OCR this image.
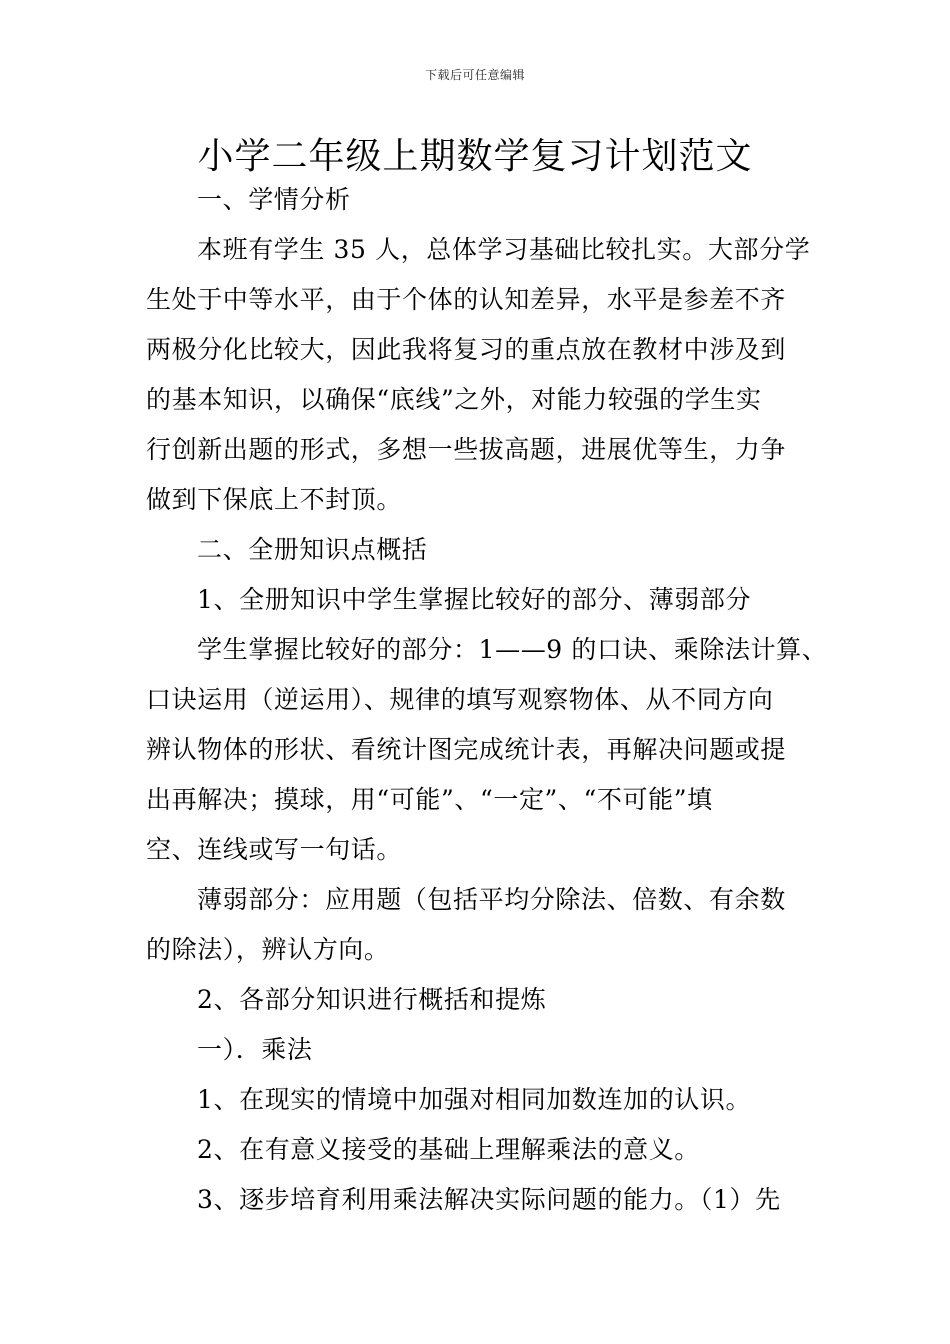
下载后可任意编辑
小学二年级上期数学复习计划范文
一、学情分析
本班有学生 35 人，总体学习基础比较扎实。大部分学
生处于中等水平，由于个体的认知差异，水平是参差不齐
两极分化比较大，因此我将复习的重点放在教材中涉及到
的基本知识，以确保“底线”之外，对能力较强的学生实
行创新出题的形式，多想一些拔高题，进展优等生，力争
做到下保底上不封顶。
二、全册知识点概括
1、全册知识中学生掌握比较好的部分、薄弱部分
学生掌握比较好的部分：1——9 的口诀、乘除法计算、
口诀运用（逆运用）、规律的填写观察物体、从不同方向
辨认物体的形状、看统计图完成统计表，再解决问题或提
出再解决；摸球，用“可能”、“一定”、“不可能”填
空、连线或写一句话。
薄弱部分：应用题（包括平均分除法、倍数、有余数
的除法），辨认方向。
2、各部分知识进行概括和提炼
一）．乘法
1、在现实的情境中加强对相同加数连加的认识。
2、在有意义接受的基础上理解乘法的意义。
3、逐步培育利用乘法解决实际问题的能力。（1）先
